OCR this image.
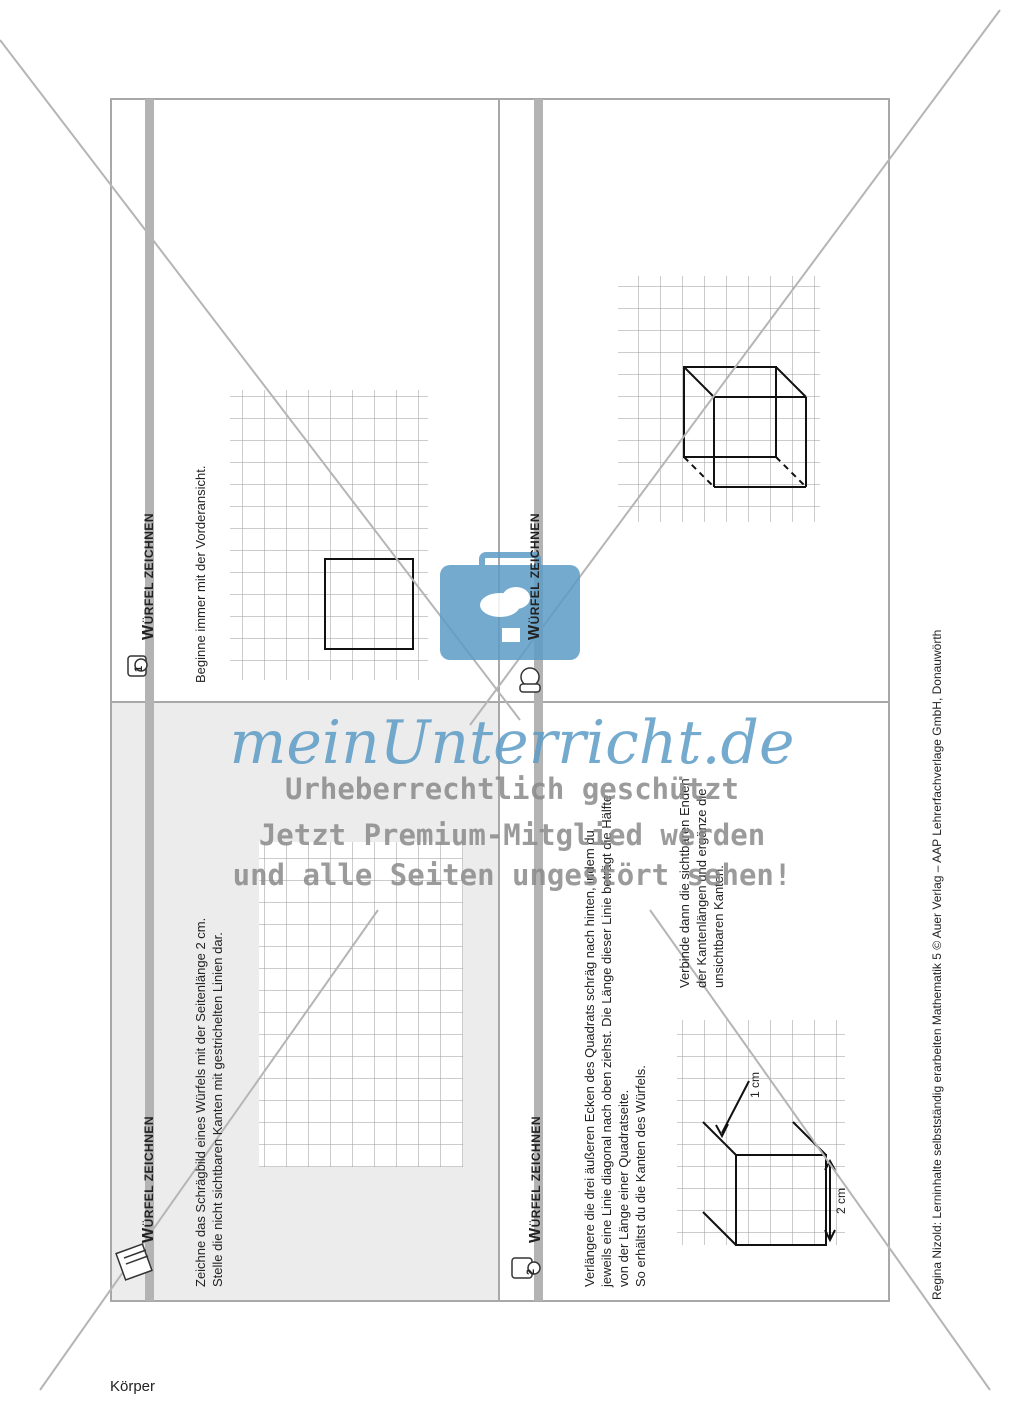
WÜRFEL ZEICHNEN
1	Beginne immer mit der Vorderansicht.	WÜRFEL ZEICHNEN
WÜRFEL ZEICHNEN	Zeichne das Schrägbild eines Würfels mit der Seitenlänge 2 cm. Stelle die nicht sichtbaren Kanten mit gestrichelten Linien dar.	WÜRFEL ZEICHNEN
2	Verlängere die drei äußeren Ecken des Quadrats schräg nach hinten, indem du jeweils eine Linie diagonal nach oben ziehst. Die Länge dieser Linie beträgt die Hälfte von der Länge einer Quadratseite. So erhältst du die Kanten des Würfels.
Verbinde dann die sichtbaren Enden der Kantenlängen und ergänze die unsichtbaren Kanten.
1 cm
2 cm	Regina Nizold: Lerninhalte selbstständig erarbeiten Mathematik 5 © Auer Verlag – AAP Lehrerfachverlage GmbH, Donauwörth
Körper
meinUnterricht.de
Urheberrechtlich geschützt
Jetzt Premium-Mitglied werden
und alle Seiten ungestört sehen!
